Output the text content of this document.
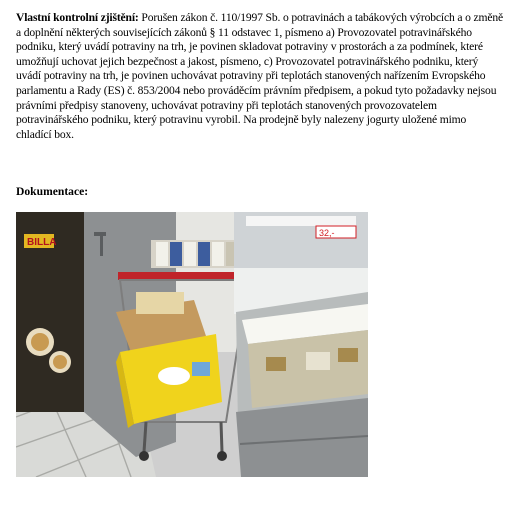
Vlastní kontrolní zjištění: Porušen zákon č. 110/1997 Sb. o potravinách a tabákových výrobcích a o změně a doplnění některých souvisejících zákonů § 11 odstavec 1, písmeno a) Provozovatel potravinářského podniku, který uvádí potraviny na trh, je povinen skladovat potraviny v prostorách a za podmínek, které umožňují uchovat jejich bezpečnost a jakost, písmeno, c) Provozovatel potravinářského podniku, který uvádí potraviny na trh, je povinen uchovávat potraviny při teplotách stanovených nařízením Evropského parlamentu a Rady (ES) č. 853/2004 nebo prováděcím právním předpisem, a pokud tyto požadavky nejsou právními předpisy stanoveny, uchovávat potraviny při teplotách stanovených provozovatelem potravinářského podniku, který potravinu vyrobil. Na prodejně byly nalezeny jogurty uložené mimo chladící box.
Dokumentace:
BILLA
32,-
